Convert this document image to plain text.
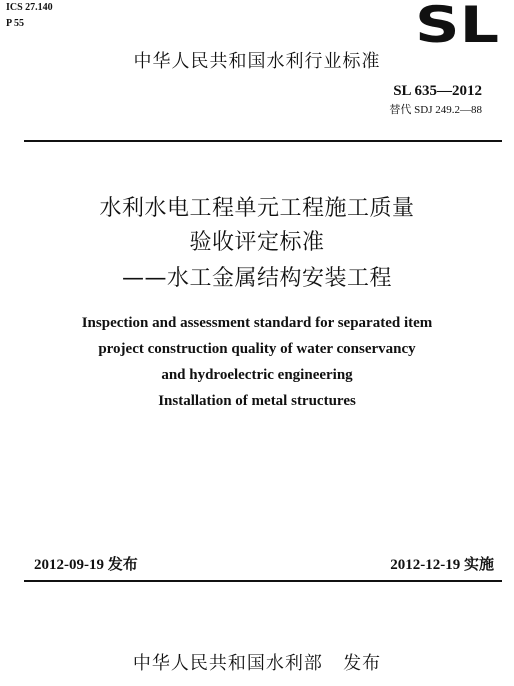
ICS 27.140
P 55	SL
中华人民共和国水利行业标准
SL 635—2012
替代 SDJ 249.2—88
水利水电工程单元工程施工质量
验收评定标准
——水工金属结构安装工程
Inspection and assessment standard for separated item
project construction quality of water conservancy
and hydroelectric engineering
Installation of metal structures
2012-09-19 发布	2012-12-19 实施
中华人民共和国水利部   发布
